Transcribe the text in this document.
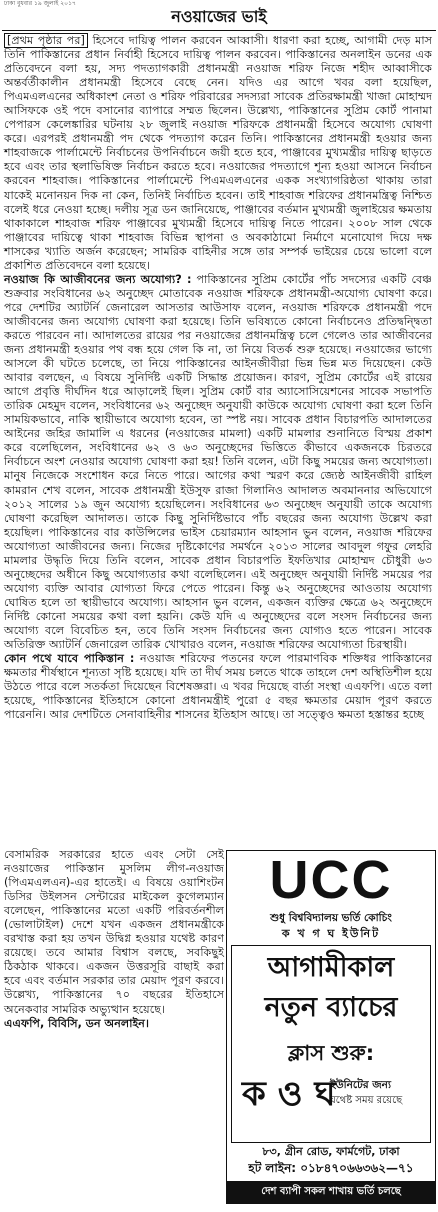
ঢাকা বুধবার ১৯ জুলাই ২০১৭
নওয়াজের ভাই

[প্রথম পৃষ্ঠার পর] হিসেবে দায়িত্ব পালন করবেন আব্বাসী। ধারণা করা হচ্ছে, আগামী দেড় মাস তিনি পাকিস্তানের প্রধান নির্বাহী হিসেবে দায়িত্ব পালন করবেন। পাকিস্তানের অনলাইন ডনের এক প্রতিবেদনে বলা হয়, সদ্য পদত্যাগকারী প্রধানমন্ত্রী নওয়াজ শরিফ নিজে শহীদ আব্বাসীকে অন্তর্বর্তীকালীন প্রধানমন্ত্রী হিসেবে বেছে নেন। যদিও এর আগে খবর বলা হয়েছিল, পিএমএলএনের অধিকাংশ নেতা ও শরিফ পরিবারের সদস্যরা সাবেক প্রতিরক্ষামন্ত্রী খাজা মোহাম্মদ আসিফকে ওই পদে বসানোর ব্যাপারে সম্মত ছিলেন। উল্লেখ্য, পাকিস্তানের সুপ্রিম কোর্ট পানামা পেপারস কেলেঙ্কারির ঘটনায় ২৮ জুলাই নওয়াজ শরিফকে প্রধানমন্ত্রী হিসেবে অযোগ্য ঘোষণা করে। এরপরই প্রধানমন্ত্রী পদ থেকে পদত্যাগ করেন তিনি। পাকিস্তানের প্রধানমন্ত্রী হওয়ার জন্য শাহবাজকে পার্লামেন্টে নির্বাচনের উপনির্বাচনে জয়ী হতে হবে, পাঞ্জাবের মুখ্যমন্ত্রীর দায়িত্ব ছাড়তে হবে এবং তার স্থলাভিষিক্ত নির্বাচন করতে হবে। নওয়াজের পদত্যাগে শূন্য হওয়া আসনে নির্বাচন করবেন শাহবাজ। পাকিস্তানের পার্লামেন্টে পিএমএলএনের একক সংখ্যাগরিষ্ঠতা থাকায় তারা যাকেই মনোনয়ন দিক না কেন, তিনিই নির্বাচিত হবেন। তাই শাহবাজ শরিফের প্রধানমন্ত্রিত্ব নিশ্চিত বলেই ধরে নেওয়া হচ্ছে। দলীয় সূত্র ডন জানিয়েছে, পাঞ্জাবের বর্তমান মুখ্যমন্ত্রী জুলাইয়ের ক্ষমতায় থাকাকালে শাহবাজ শরিফ পাঞ্জাবের মুখ্যমন্ত্রী হিসেবে দায়িত্ব নিতে পারেন। ২০০৮ সাল থেকে পাঞ্জাবের দায়িত্বে থাকা শাহবাজ বিভিন্ন স্থাপনা ও অবকাঠামো নির্মাণে মনোযোগ দিয়ে দক্ষ শাসকের খ্যাতি অর্জন করেছেন; সামরিক বাহিনীর সঙ্গে তার সম্পর্ক ভাইয়ের চেয়ে ভালো বলে প্রকাশিত প্রতিবেদনে বলা হয়েছে।

নওয়াজ কি আজীবনের জন্য অযোগ্য? : পাকিস্তানের সুপ্রিম কোর্টের পাঁচ সদস্যের একটি বেঞ্চ শুক্রবার সংবিধানের ৬২ অনুচ্ছেদ মোতাবেক নওয়াজ শরিফকে প্রধানমন্ত্রী-অযোগ্য ঘোষণা করে। পরে দেশটির অ্যাটর্নি জেনারেল আসতার আউসাফ বলেন, নওয়াজ শরিফকে প্রধানমন্ত্রী পদে আজীবনের জন্য অযোগ্য ঘোষণা করা হয়েছে। তিনি ভবিষ্যতে কোনো নির্বাচনেও প্রতিদ্বন্দ্বিতা করতে পারবেন না। আদালতের রায়ের পর নওয়াজের প্রধানমন্ত্রিত্ব চলে গেলেও তার আজীবনের জন্য প্রধানমন্ত্রী হওয়ার পথ বন্ধ হয়ে গেল কি না, তা নিয়ে বিতর্ক শুরু হয়েছে। নওয়াজের ভাগ্যে আসলে কী ঘটতে চলেছে, তা নিয়ে পাকিস্তানের আইনজীবীরা ভিন্ন ভিন্ন মত দিয়েছেন। কেউ আবার বলছেন, এ বিষয়ে সুনির্দিষ্ট একটি সিদ্ধান্ত প্রয়োজন। কারণ, সুপ্রিম কোর্টের এই রায়ের আগে প্রবৃত্তি দীর্ঘদিন ধরে আড়ালেই ছিল। সুপ্রিম কোর্ট বার অ্যাসোসিয়েশনের সাবেক সভাপতি তারিক মেহমুদ বলেন, সংবিধানের ৬২ অনুচ্ছেদ অনুযায়ী কাউকে অযোগ্য ঘোষণা করা হলে তিনি সাময়িকভাবে, নাকি স্থায়ীভাবে অযোগ্য হবেন, তা স্পষ্ট নয়। সাবেক প্রধান বিচারপতি আদালতের আইনের জহির জামালি এ ধরনের (নওয়াজের মামলা) একটি মামলার শুনানিতে বিস্ময় প্রকাশ করে বলেছিলেন, সংবিধানের ৬২ ও ৬৩ অনুচ্ছেদের ভিত্তিতে কীভাবে একজনকে চিরতরে নির্বাচনে অংশ নেওয়ার অযোগ্য ঘোষণা করা হয়! তিনি বলেন, এটা কিছু সময়ের জন্য অযোগ্যতা। মানুষ নিজেকে সংশোধন করে নিতে পারে। আগের কথা স্মরণ করে জ্যেষ্ঠ আইনজীবী রাহিল কামরান শেখ বলেন, সাবেক প্রধানমন্ত্রী ইউসুফ রাজা গিলানিও আদালত অবমাননার অভিযোগে ২০১২ সালের ১৯ জুন অযোগ্য হয়েছিলেন। সংবিধানের ৬৩ অনুচ্ছেদ অনুযায়ী তাকে অযোগ্য ঘোষণা করেছিল আদালত। তাকে কিছু সুনির্দিষ্টভাবে পাঁচ বছরের জন্য অযোগ্য উল্লেখ করা হয়েছিল। পাকিস্তানের বার কাউন্সিলের ভাইস চেয়ারম্যান আহসান ভুন বলেন, নওয়াজ শরিফের অযোগ্যতা আজীবনের জন্য। নিজের দৃষ্টিকোণের সমর্থনে ২০১৩ সালের আবদুল গফুর লেহরি মামলার উদ্ধৃতি দিয়ে তিনি বলেন, সাবেক প্রধান বিচারপতি ইফতিখার মোহাম্মদ চৌধুরী ৬৩ অনুচ্ছেদের অধীনে কিছু অযোগ্যতার কথা বলেছিলেন। এই অনুচ্ছেদ অনুযায়ী নির্দিষ্ট সময়ের পর অযোগ্য ব্যক্তি আবার যোগ্যতা ফিরে পেতে পারেন। কিন্তু ৬২ অনুচ্ছেদের আওতায় অযোগ্য ঘোষিত হলে তা স্থায়ীভাবে অযোগ্য। আহসান ভুন বলেন, একজন ব্যক্তির ক্ষেত্রে ৬২ অনুচ্ছেদে নির্দিষ্ট কোনো সময়ের কথা বলা হয়নি। কেউ যদি এ অনুচ্ছেদের বলে সংসদ নির্বাচনের জন্য অযোগ্য বলে বিবেচিত হন, তবে তিনি সংসদ নির্বাচনের জন্য যোগ্যও হতে পারেন। সাবেক অতিরিক্ত অ্যাটর্নি জেনারেল তারিক খোখারও বলেন, নওয়াজ শরিফের অযোগ্যতা চিরস্থায়ী।

কোন পথে যাবে পাকিস্তান : নওয়াজ শরিফের পতনের ফলে পারমাণবিক শক্তিধর পাকিস্তানের ক্ষমতার শীর্ষস্থানে শূন্যতা সৃষ্টি হয়েছে। যদি তা দীর্ঘ সময় চলতে থাকে তাহলে দেশ অস্থিতিশীল হয়ে উঠতে পারে বলে সতর্কতা দিয়েছেন বিশেষজ্ঞরা। এ খবর দিয়েছে বার্তা সংস্থা এএফপি। এতে বলা হয়েছে, পাকিস্তানের ইতিহাসে কোনো প্রধানমন্ত্রীই পুরো ৫ বছর ক্ষমতার মেয়াদ পূরণ করতে পারেননি। আর দেশটিতে সেনাবাহিনীর শাসনের ইতিহাস আছে। তা সত্ত্বেও ক্ষমতা হস্তান্তর হচ্ছে

বেসামরিক সরকারের হাতে এবং সেটা সেই নওয়াজের পাকিস্তান মুসলিম লীগ-নওয়াজ (পিএমএলএন)-এর হাতেই। এ বিষয়ে ওয়াশিংটন ডিসির উইলসন সেন্টারের মাইকেল কুগেলম্যান বলেছেন, পাকিস্তানের মতো একটি পরিবর্তনশীল (ভোলাটাইল) দেশে যখন একজন প্রধানমন্ত্রীকে বরখাস্ত করা হয় তখন উদ্বিগ্ন হওয়ার যথেষ্ট কারণ রয়েছে। তবে আমার বিশ্বাস বলছে, সবকিছুই ঠিকঠাক থাকবে। একজন উত্তরসূরি বাছাই করা হবে এবং বর্তমান সরকার তার মেয়াদ পূরণ করবে। উল্লেখ্য, পাকিস্তানের ৭০ বছরের ইতিহাসে অনেকবার সামরিক অভ্যুত্থান হয়েছে।

এএফপি, বিবিসি, ডন অনলাইন।

UCC
শুধু বিশ্ববিদ্যালয় ভর্তি কোচিং
ক খ গ ঘ ইউনিট
আগামীকাল
নতুন ব্যাচের
ক্লাস শুরু:
ক ও ঘ
ইউনিটের জন্য
যথেষ্ট সময় রয়েছে
৮৩, গ্রীন রোড, ফার্মগেট, ঢাকা
হট লাইন: ০১৮৪৭০৬৬৩৬২—৭১
দেশ ব্যাপী সকল শাখায় ভর্তি চলছে
